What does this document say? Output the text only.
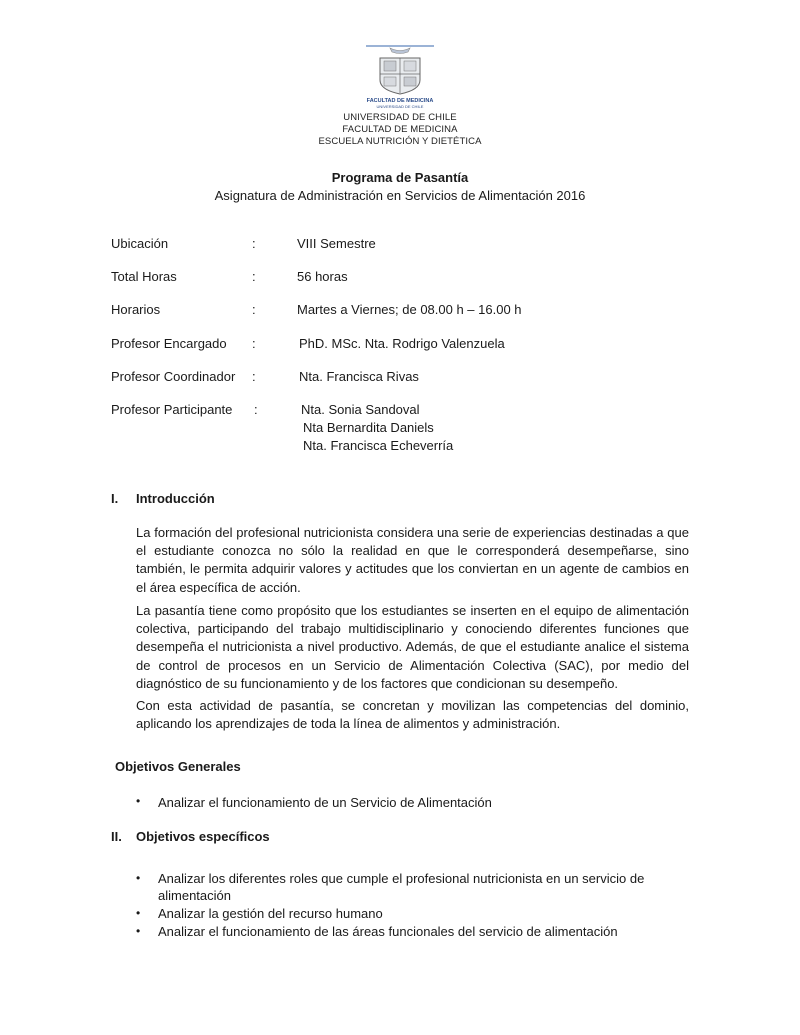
FACULTAD DE MEDICINA
UNIVERSIDAD DE CHILE
UNIVERSIDAD DE CHILE
FACULTAD DE MEDICINA
ESCUELA NUTRICIÓN Y DIETÉTICA
Programa de Pasantía
Asignatura de Administración en Servicios de Alimentación 2016
Ubicación	:	VIII Semestre
Total Horas	:	56 horas
Horarios	:	Martes a Viernes; de 08.00 h – 16.00 h
Profesor Encargado :	PhD. MSc. Nta. Rodrigo Valenzuela
Profesor Coordinador :	Nta. Francisca Rivas
Profesor Participante :	Nta. Sonia Sandoval
Nta Bernardita Daniels
Nta. Francisca Echeverría
I. Introducción
La formación del profesional nutricionista considera una serie de experiencias destinadas a que el estudiante conozca no sólo la realidad en que le corresponderá desempeñarse, sino también, le permita adquirir valores y actitudes que los conviertan en un agente de cambios en el área específica de acción.
La pasantía tiene como propósito que los estudiantes se inserten en el equipo de alimentación colectiva, participando del trabajo multidisciplinario y conociendo diferentes funciones que desempeña el nutricionista a nivel productivo. Además, de que el estudiante analice el sistema de control de procesos en un Servicio de Alimentación Colectiva (SAC), por medio del diagnóstico de su funcionamiento y de los factores que condicionan su desempeño.
Con esta actividad de pasantía, se concretan y movilizan las competencias del dominio, aplicando los aprendizajes de toda la línea de alimentos y administración.
Objetivos Generales
• Analizar el funcionamiento de un Servicio de Alimentación
II. Objetivos específicos
• Analizar los diferentes roles que cumple el profesional nutricionista en un servicio de alimentación
• Analizar la gestión del recurso humano
• Analizar el funcionamiento de las áreas funcionales del servicio de alimentación
